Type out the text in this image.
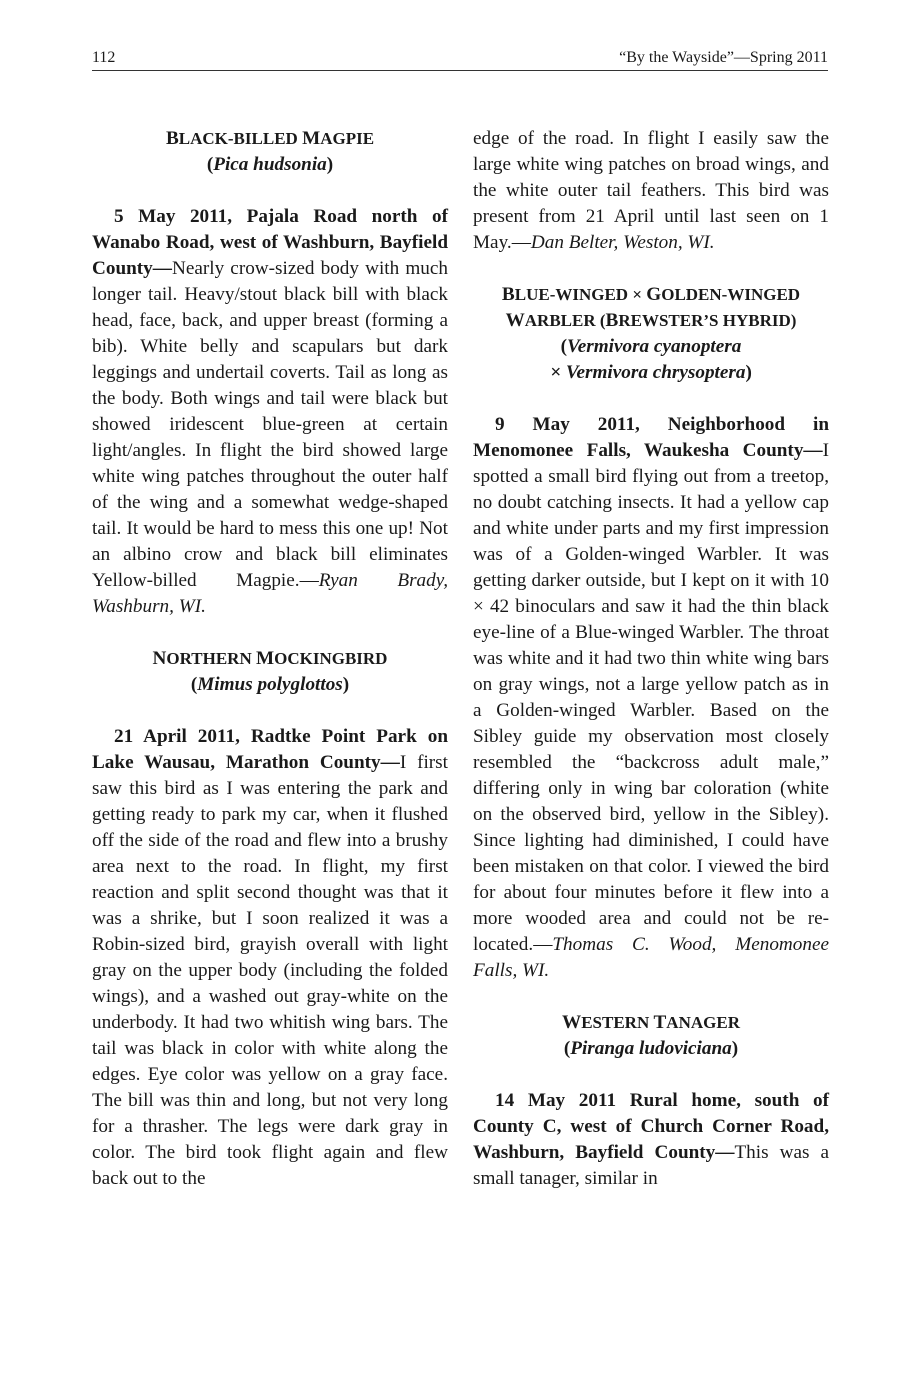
112	“By the Wayside”—Spring 2011
BLACK-BILLED MAGPIE
(Pica hudsonia)

5 May 2011, Pajala Road north of Wanabo Road, west of Washburn, Bayfield County—Nearly crow-sized body with much longer tail. Heavy/stout black bill with black head, face, back, and upper breast (forming a bib). White belly and scapulars but dark leggings and undertail coverts. Tail as long as the body. Both wings and tail were black but showed iridescent blue-green at certain light/angles. In flight the bird showed large white wing patches throughout the outer half of the wing and a somewhat wedge-shaped tail. It would be hard to mess this one up! Not an albino crow and black bill eliminates Yellow-billed Magpie.—Ryan Brady, Washburn, WI.

NORTHERN MOCKINGBIRD
(Mimus polyglottos)

21 April 2011, Radtke Point Park on Lake Wausau, Marathon County—I first saw this bird as I was entering the park and getting ready to park my car, when it flushed off the side of the road and flew into a brushy area next to the road. In flight, my first reaction and split second thought was that it was a shrike, but I soon realized it was a Robin-sized bird, grayish overall with light gray on the upper body (including the folded wings), and a washed out gray-white on the underbody. It had two whitish wing bars. The tail was black in color with white along the edges. Eye color was yellow on a gray face. The bill was thin and long, but not very long for a thrasher. The legs were dark gray in color. The bird took flight again and flew back out to the

edge of the road. In flight I easily saw the large white wing patches on broad wings, and the white outer tail feathers. This bird was present from 21 April until last seen on 1 May.—Dan Belter, Weston, WI.

BLUE-WINGED × GOLDEN-WINGED
WARBLER (BREWSTER’S HYBRID)
(Vermivora cyanoptera
× Vermivora chrysoptera)

9 May 2011, Neighborhood in Menomonee Falls, Waukesha County—I spotted a small bird flying out from a treetop, no doubt catching insects. It had a yellow cap and white under parts and my first impression was of a Golden-winged Warbler. It was getting darker outside, but I kept on it with 10 × 42 binoculars and saw it had the thin black eye-line of a Blue-winged Warbler. The throat was white and it had two thin white wing bars on gray wings, not a large yellow patch as in a Golden-winged Warbler. Based on the Sibley guide my observation most closely resembled the “backcross adult male,” differing only in wing bar coloration (white on the observed bird, yellow in the Sibley). Since lighting had diminished, I could have been mistaken on that color. I viewed the bird for about four minutes before it flew into a more wooded area and could not be re-located.—Thomas C. Wood, Menomonee Falls, WI.

WESTERN TANAGER
(Piranga ludoviciana)

14 May 2011 Rural home, south of County C, west of Church Corner Road, Washburn, Bayfield County—This was a small tanager, similar in
